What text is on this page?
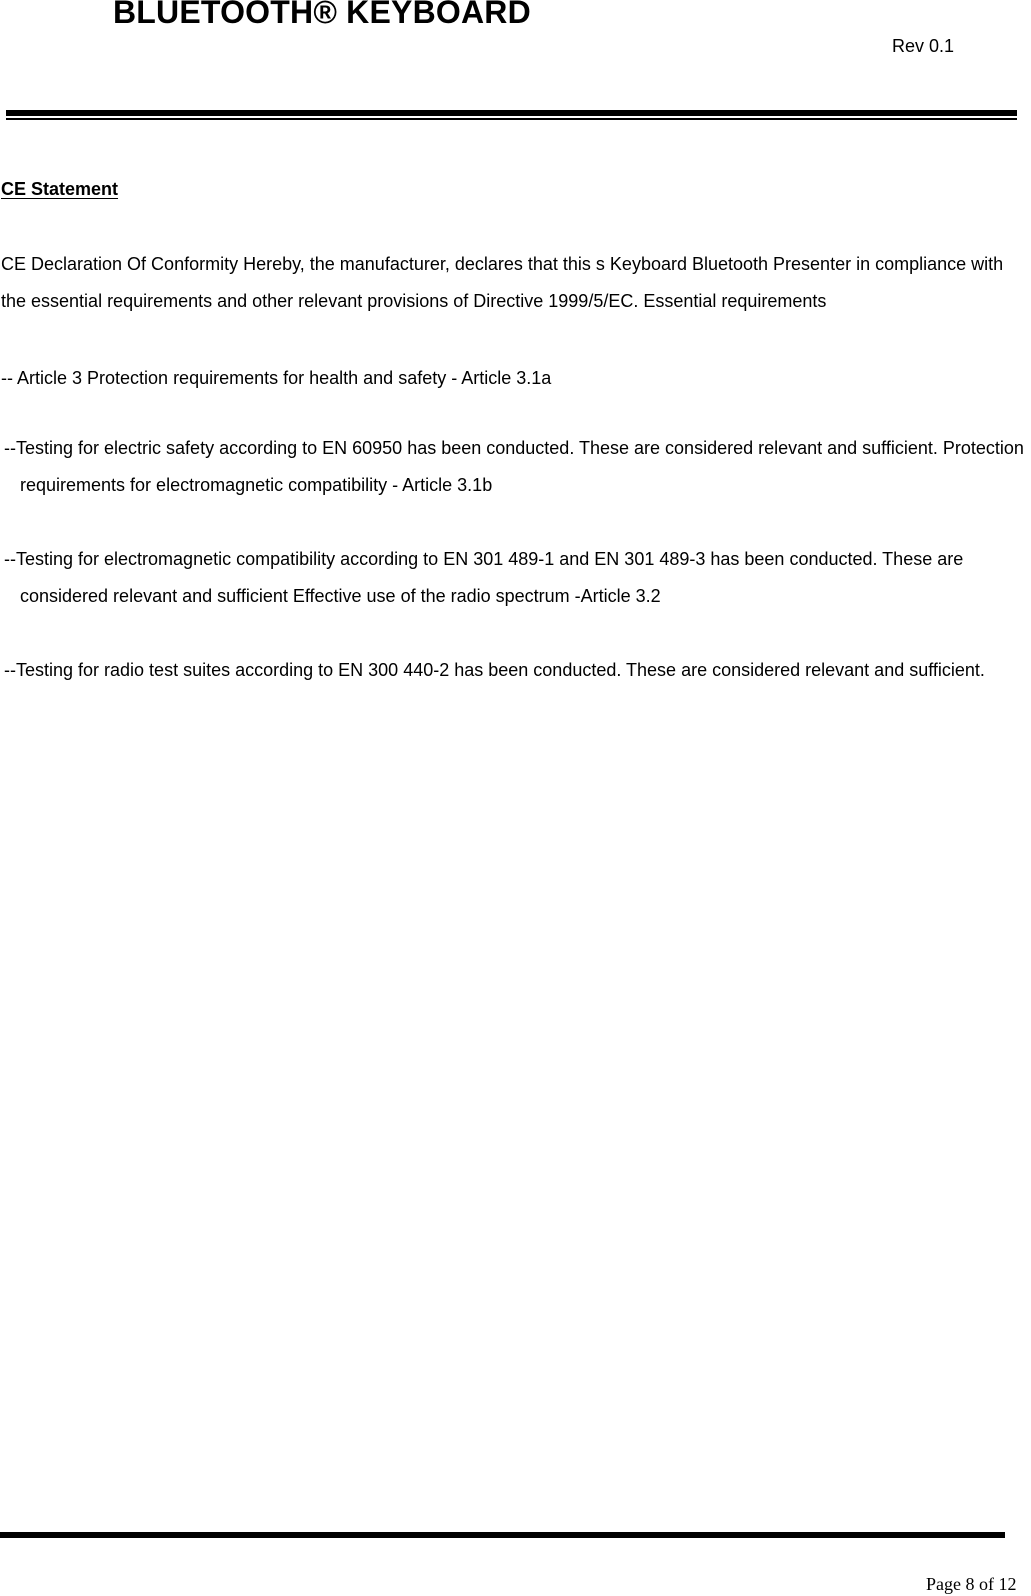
BLUETOOTH® KEYBOARD
Rev 0.1
CE Statement

CE Declaration Of Conformity Hereby, the manufacturer, declares that this s Keyboard Bluetooth Presenter in compliance with the essential requirements and other relevant provisions of Directive 1999/5/EC. Essential requirements

-- Article 3 Protection requirements for health and safety - Article 3.1a

--Testing for electric safety according to EN 60950 has been conducted. These are considered relevant and sufficient. Protection requirements for electromagnetic compatibility - Article 3.1b

--Testing for electromagnetic compatibility according to EN 301 489-1 and EN 301 489-3 has been conducted. These are considered relevant and sufficient Effective use of the radio spectrum -Article 3.2

--Testing for radio test suites according to EN 300 440-2 has been conducted. These are considered relevant and sufficient.

Page 8 of 12
